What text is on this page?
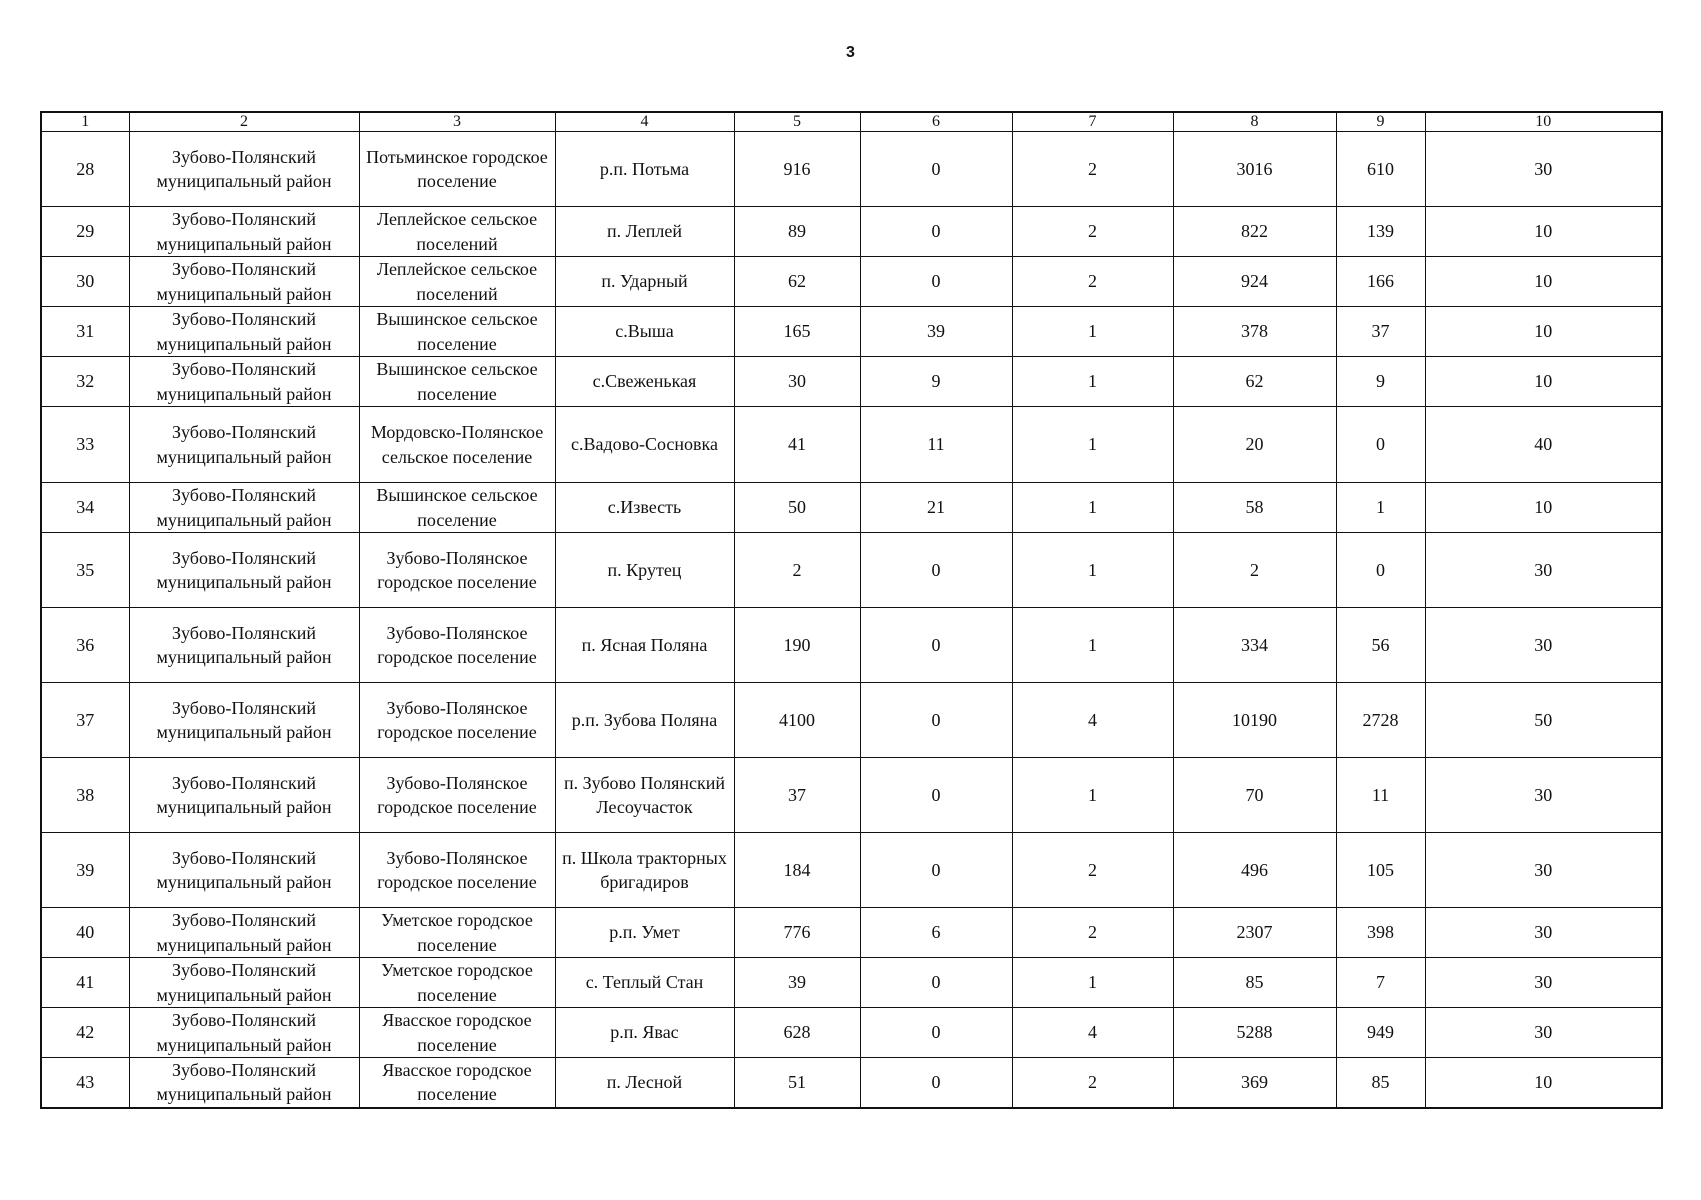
3
1	2	3	4	5	6	7	8	9	10
28	Зубово-Полянский муниципальный район	Потьминское городское поселение	р.п. Потьма	916	0	2	3016	610	30
29	Зубово-Полянский муниципальный район	Леплейское сельское поселений	п. Леплей	89	0	2	822	139	10
30	Зубово-Полянский муниципальный район	Леплейское сельское поселений	п. Ударный	62	0	2	924	166	10
31	Зубово-Полянский муниципальный район	Вышинское сельское поселение	с.Выша	165	39	1	378	37	10
32	Зубово-Полянский муниципальный район	Вышинское сельское поселение	с.Свеженькая	30	9	1	62	9	10
33	Зубово-Полянский муниципальный район	Мордовско-Полянское сельское поселение	с.Вадово-Сосновка	41	11	1	20	0	40
34	Зубово-Полянский муниципальный район	Вышинское сельское поселение	с.Известь	50	21	1	58	1	10
35	Зубово-Полянский муниципальный район	Зубово-Полянское городское поселение	п. Крутец	2	0	1	2	0	30
36	Зубово-Полянский муниципальный район	Зубово-Полянское городское поселение	п. Ясная Поляна	190	0	1	334	56	30
37	Зубово-Полянский муниципальный район	Зубово-Полянское городское поселение	р.п. Зубова Поляна	4100	0	4	10190	2728	50
38	Зубово-Полянский муниципальный район	Зубово-Полянское городское поселение	п. Зубово Полянский Лесоучасток	37	0	1	70	11	30
39	Зубово-Полянский муниципальный район	Зубово-Полянское городское поселение	п. Школа тракторных бригадиров	184	0	2	496	105	30
40	Зубово-Полянский муниципальный район	Уметское городское поселение	р.п. Умет	776	6	2	2307	398	30
41	Зубово-Полянский муниципальный район	Уметское городское поселение	с. Теплый Стан	39	0	1	85	7	30
42	Зубово-Полянский муниципальный район	Явасское городское поселение	р.п. Явас	628	0	4	5288	949	30
43	Зубово-Полянский муниципальный район	Явасское городское поселение	п. Лесной	51	0	2	369	85	10
